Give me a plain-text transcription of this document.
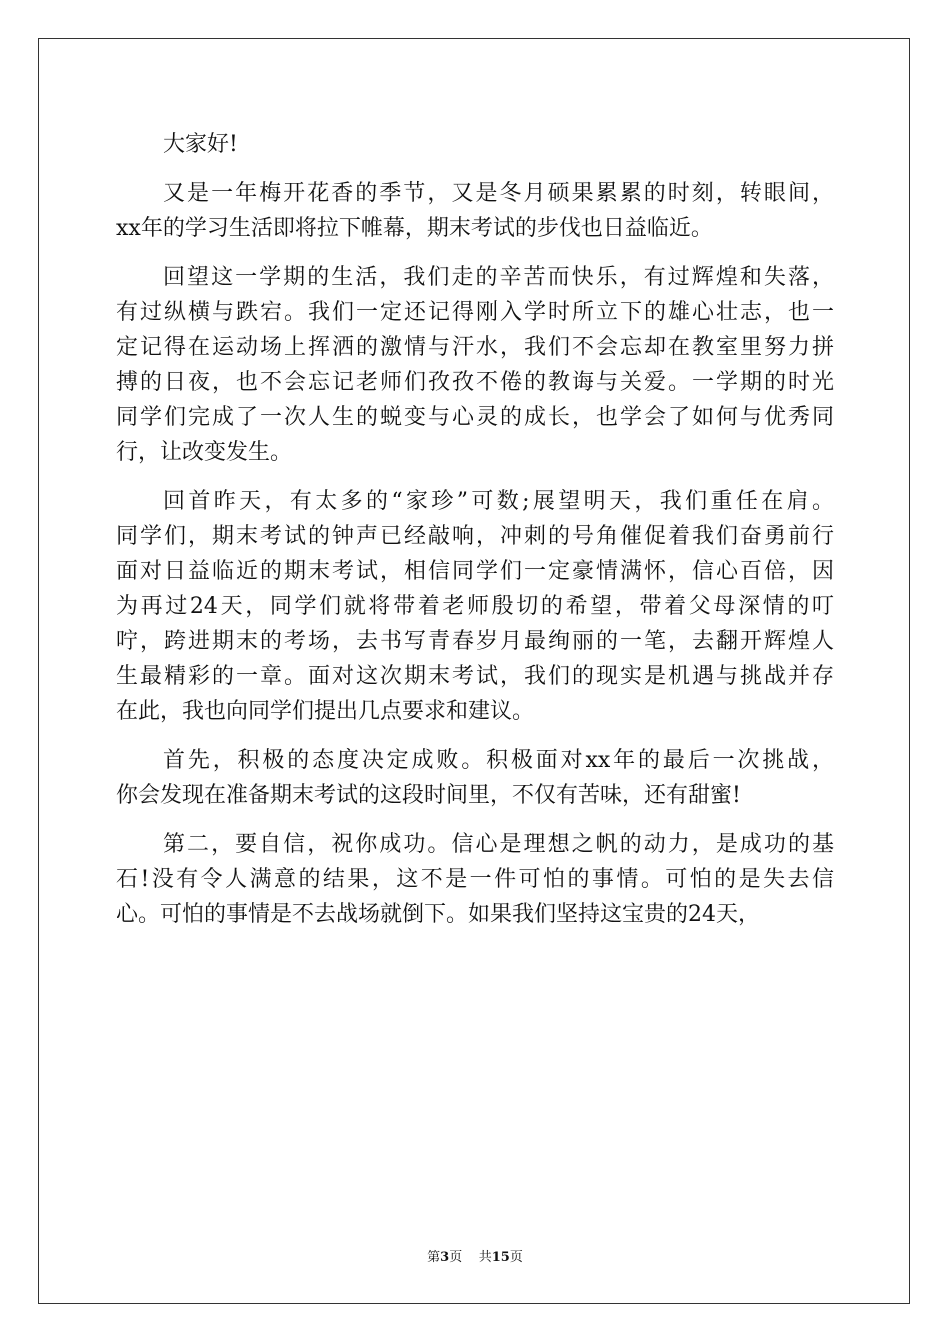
大家好!

又是一年梅开花香的季节，又是冬月硕果累累的时刻，转眼间，
xx年的学习生活即将拉下帷幕，期末考试的步伐也日益临近。

回望这一学期的生活，我们走的辛苦而快乐，有过辉煌和失落，
有过纵横与跌宕。我们一定还记得刚入学时所立下的雄心壮志，也一
定记得在运动场上挥洒的激情与汗水，我们不会忘却在教室里努力拼
搏的日夜，也不会忘记老师们孜孜不倦的教诲与关爱。一学期的时光
同学们完成了一次人生的蜕变与心灵的成长，也学会了如何与优秀同
行，让改变发生。

回首昨天，有太多的“家珍”可数;展望明天，我们重任在肩。
同学们，期末考试的钟声已经敲响，冲刺的号角催促着我们奋勇前行
面对日益临近的期末考试，相信同学们一定豪情满怀，信心百倍，因
为再过24天，同学们就将带着老师殷切的希望，带着父母深情的叮
咛，跨进期末的考场，去书写青春岁月最绚丽的一笔，去翻开辉煌人
生最精彩的一章。面对这次期末考试，我们的现实是机遇与挑战并存
在此，我也向同学们提出几点要求和建议。

首先，积极的态度决定成败。积极面对xx年的最后一次挑战，
你会发现在准备期末考试的这段时间里，不仅有苦味，还有甜蜜!

第二，要自信，祝你成功。信心是理想之帆的动力，是成功的基
石!没有令人满意的结果，这不是一件可怕的事情。可怕的是失去信
心。可怕的事情是不去战场就倒下。如果我们坚持这宝贵的24天，

第3页 共15页
